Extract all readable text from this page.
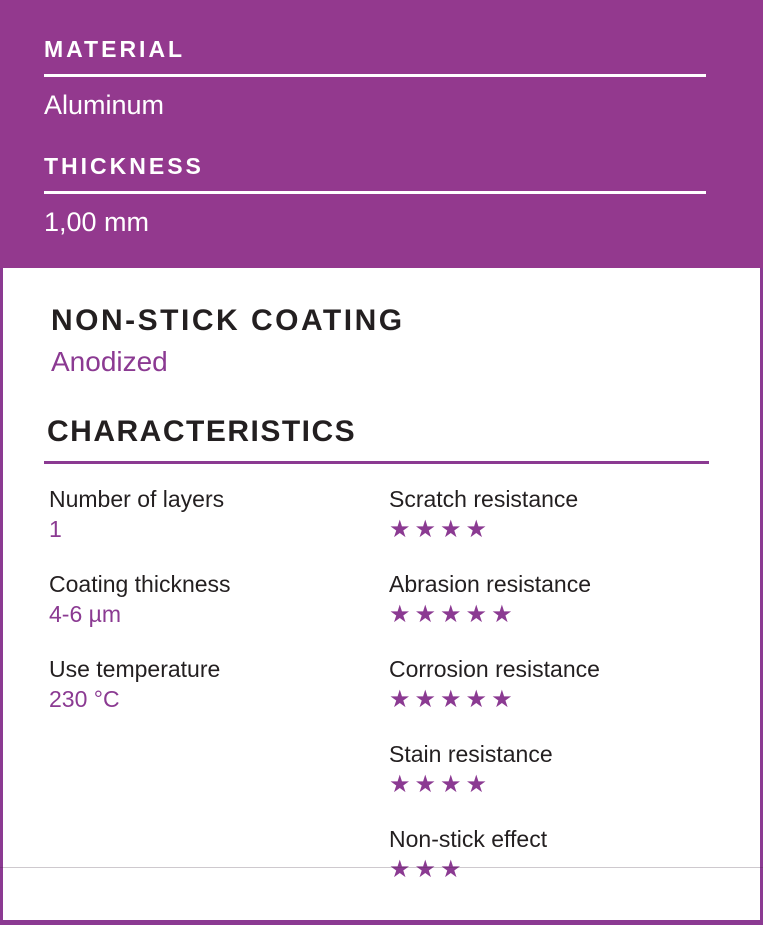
MATERIAL
Aluminum
THICKNESS
1,00 mm
NON-STICK COATING
Anodized
CHARACTERISTICS
Number of layers
1
Coating thickness
4-6 µm
Use temperature
230 °C
Scratch resistance
★★★★
Abrasion resistance
★★★★★
Corrosion resistance
★★★★★
Stain resistance
★★★★
Non-stick effect
★★★
